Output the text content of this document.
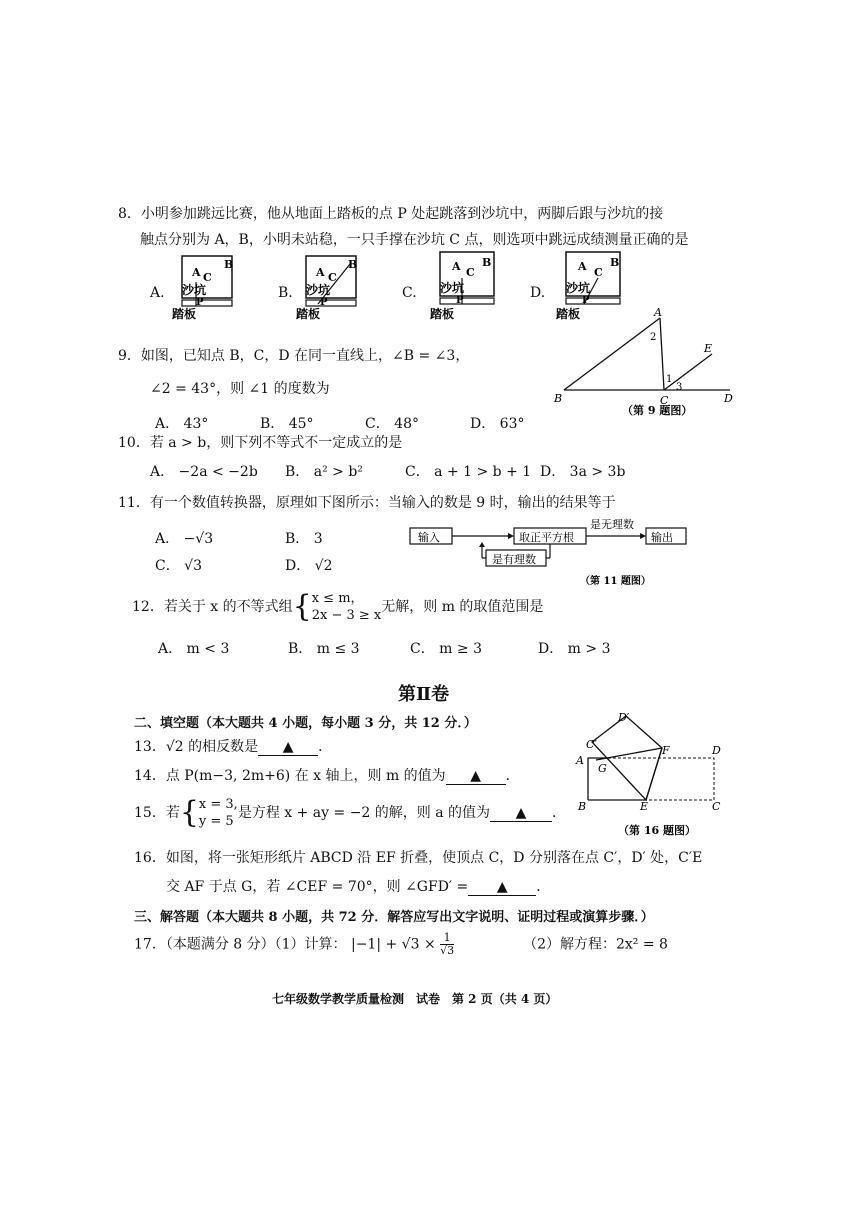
8．小明参加跳远比赛，他从地面上踏板的点 P 处起跳落到沙坑中，两脚后跟与沙坑的接
触点分别为 A，B，小明未站稳，一只手撑在沙坑 C 点，则选项中跳远成绩测量正确的是
A.	B.	C.	D.
A C
B
沙坑
P
踏板
A C
B
沙坑
P
踏板
A C
B
沙坑
P
踏板
A C
B
沙坑
P
踏板
9．如图，已知点 B，C，D 在同一直线上，∠B = ∠3，
∠2 = 43°，则 ∠1 的度数为
A． 43°	B． 45°	C． 48°	D． 63°
A
B	C	D
E
1
2
3
（第 9 题图）
10．若 a > b，则下列不等式不一定成立的是
A． −2a < −2b B． a² > b²	C． a + 1 > b + 1 D． 3a > 3b
11．有一个数值转换器，原理如下图所示：当输入的数是 9 时，输出的结果等于
A． −√3	B． 3
C． √3	D． √2
输入	取正平方根
是无理数
输出
是有理数
（第 11 题图）
12．若关于 x 的不等式组{ x ≤ m，
2x − 3 ≥ x
无解，则 m 的取值范围是
A． m < 3	B． m ≤ 3	C． m ≥ 3	D． m > 3
第Ⅱ卷
二、填空题（本大题共 4 小题，每小题 3 分，共 12 分．）
13．√2 的相反数是 ▲ ．
14．点 P(m−3, 2m+6) 在 x 轴上，则 m 的值为 ▲ ．
15．若{ x = 3,
y = 5
是方程 x + ay = −2 的解，则 a 的值为 ▲ ．
D′
C′	F	D
A
G
B	E	C
（第 16 题图）
16．如图，将一张矩形纸片 ABCD 沿 EF 折叠，使顶点 C，D 分别落在点 C′，D′ 处，C′E
交 AF 于点 G，若 ∠CEF = 70°，则 ∠GFD′ = ▲ ．
三、解答题（本大题共 8 小题，共 72 分．解答应写出文字说明、证明过程或演算步骤．）
17．（本题满分 8 分）（1）计算： $|-1| + √3 \times \frac{1}{√3}$	（2）解方程：2x² = 8
七年级数学教学质量检测　试卷　第 2 页（共 4 页）
